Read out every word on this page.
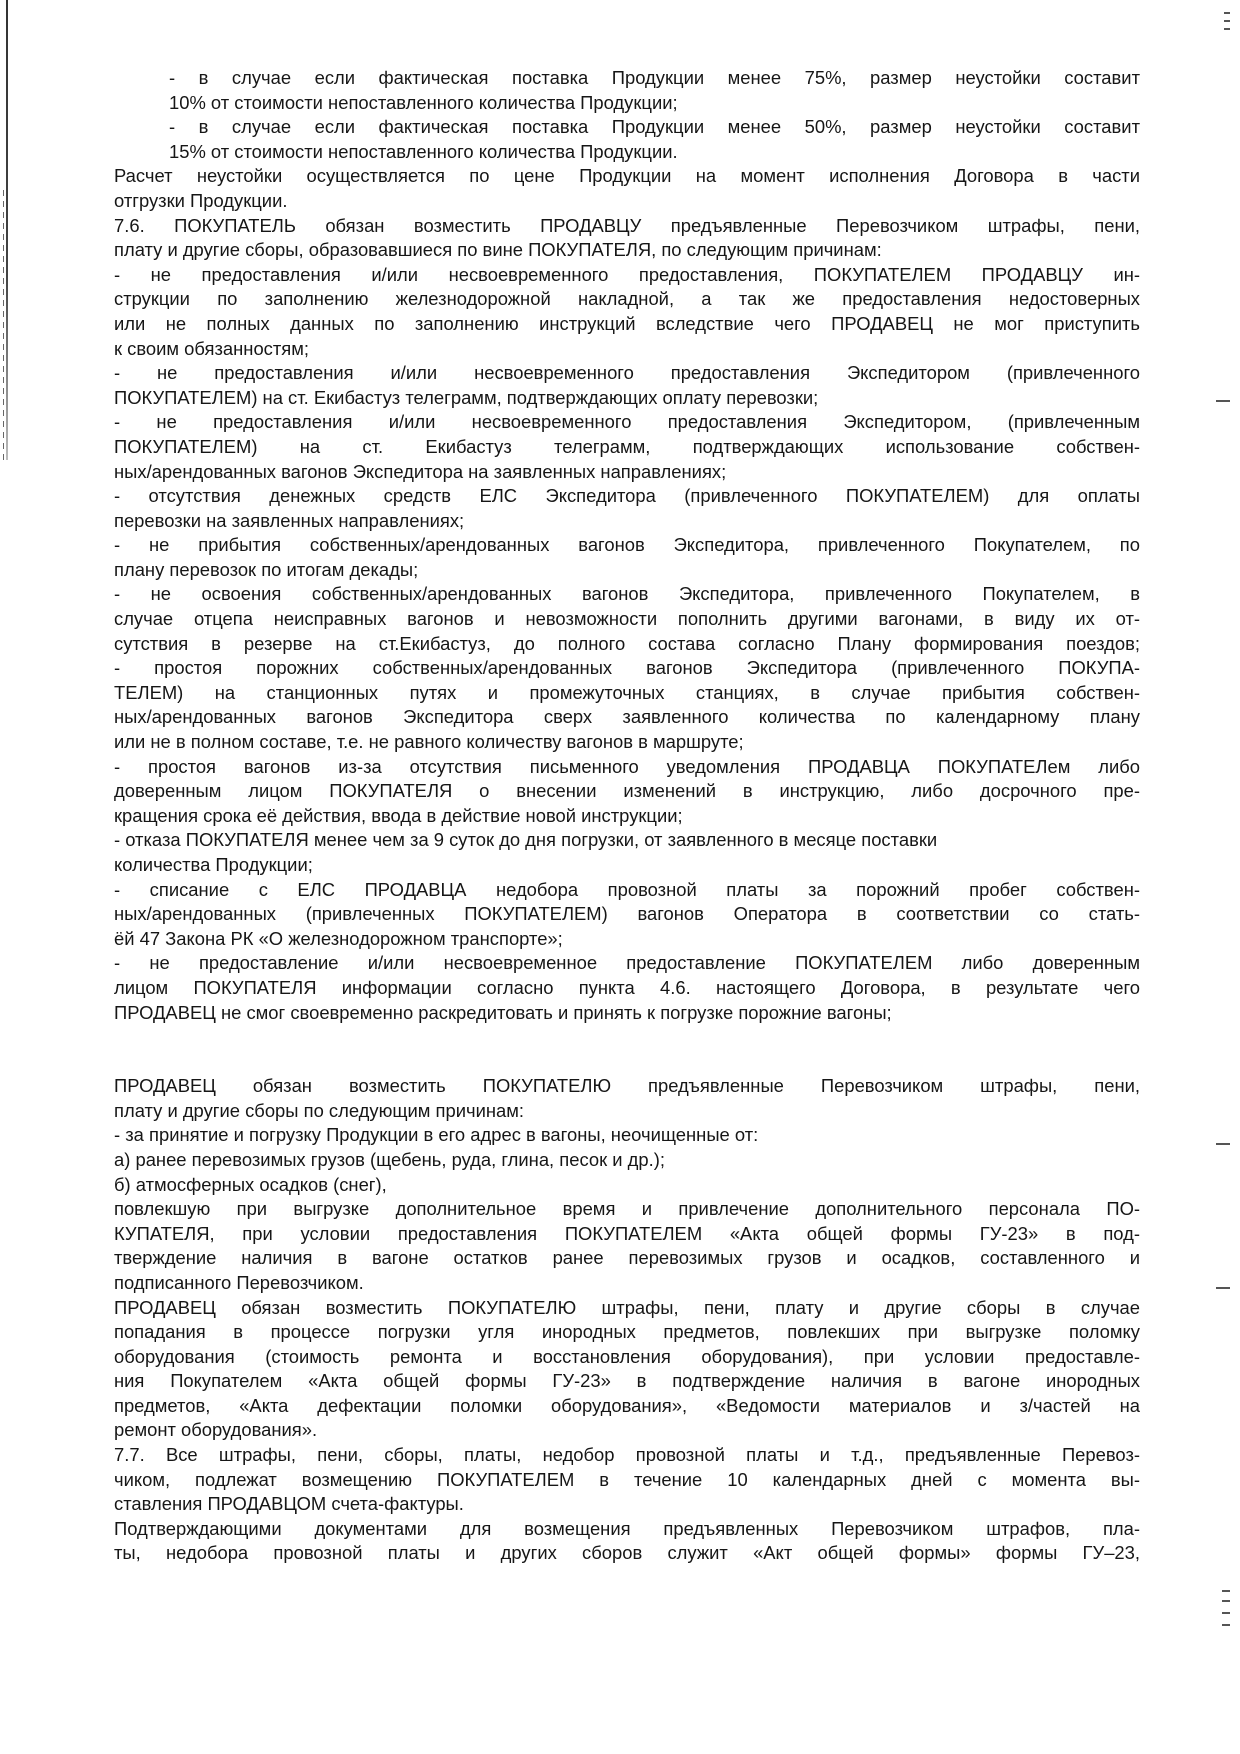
- в случае если фактическая поставка Продукции менее 75%, размер неустойки составит
10% от стоимости непоставленного количества Продукции;
- в случае если фактическая поставка Продукции менее 50%, размер неустойки составит
15% от стоимости непоставленного количества Продукции.
Расчет неустойки осуществляется по цене Продукции на момент исполнения Договора в части
отгрузки Продукции.
7.6. ПОКУПАТЕЛЬ обязан возместить ПРОДАВЦУ предъявленные Перевозчиком штрафы, пени,
плату и другие сборы, образовавшиеся по вине ПОКУПАТЕЛЯ, по следующим причинам:
- не предоставления и/или несвоевременного предоставления, ПОКУПАТЕЛЕМ ПРОДАВЦУ ин-
струкции по заполнению железнодорожной накладной, а так же предоставления недостоверных
или не полных данных по заполнению инструкций вследствие чего ПРОДАВЕЦ не мог приступить
к своим обязанностям;
- не предоставления и/или несвоевременного предоставления Экспедитором (привлеченного
ПОКУПАТЕЛЕМ) на ст. Екибастуз телеграмм, подтверждающих оплату перевозки;
- не предоставления и/или несвоевременного предоставления Экспедитором, (привлеченным
ПОКУПАТЕЛЕМ) на ст. Екибастуз телеграмм, подтверждающих использование собствен-
ных/арендованных вагонов Экспедитора на заявленных направлениях;
- отсутствия денежных средств ЕЛС Экспедитора (привлеченного ПОКУПАТЕЛЕМ) для оплаты
перевозки на заявленных направлениях;
- не прибытия собственных/арендованных вагонов Экспедитора, привлеченного Покупателем, по
плану перевозок по итогам декады;
- не освоения собственных/арендованных вагонов Экспедитора, привлеченного Покупателем, в
случае отцепа неисправных вагонов и невозможности пополнить другими вагонами, в виду их от-
сутствия в резерве на ст.Екибастуз, до полного состава согласно Плану формирования поездов;
- простоя порожних собственных/арендованных вагонов Экспедитора (привлеченного ПОКУПА-
ТЕЛЕМ) на станционных путях и промежуточных станциях, в случае прибытия собствен-
ных/арендованных вагонов Экспедитора сверх заявленного количества по календарному плану
или не в полном составе, т.е. не равного количеству вагонов в маршруте;
- простоя вагонов из-за отсутствия письменного уведомления ПРОДАВЦА ПОКУПАТЕЛем либо
доверенным лицом ПОКУПАТЕЛЯ о внесении изменений в инструкцию, либо досрочного пре-
кращения срока её действия, ввода в действие новой инструкции;
- отказа ПОКУПАТЕЛЯ менее чем за 9 суток до дня погрузки, от заявленного в месяце поставки
количества Продукции;
- списание с ЕЛС ПРОДАВЦА недобора провозной платы за порожний пробег собствен-
ных/арендованных (привлеченных ПОКУПАТЕЛЕМ) вагонов Оператора в соответствии со стать-
ёй 47 Закона РК «О железнодорожном транспорте»;
- не предоставление и/или несвоевременное предоставление ПОКУПАТЕЛЕМ либо доверенным
лицом ПОКУПАТЕЛЯ информации согласно пункта 4.6. настоящего Договора, в результате чего
ПРОДАВЕЦ не смог своевременно раскредитовать и принять к погрузке порожние вагоны;
ПРОДАВЕЦ обязан возместить ПОКУПАТЕЛЮ предъявленные Перевозчиком штрафы, пени,
плату и другие сборы по следующим причинам:
- за принятие и погрузку Продукции в его адрес в вагоны, неочищенные от:
а) ранее перевозимых грузов (щебень, руда, глина, песок и др.);
б) атмосферных осадков (снег),
повлекшую при выгрузке дополнительное время и привлечение дополнительного персонала ПО-
КУПАТЕЛЯ, при условии предоставления ПОКУПАТЕЛЕМ «Акта общей формы ГУ-23» в под-
тверждение наличия в вагоне остатков ранее перевозимых грузов и осадков, составленного и
подписанного Перевозчиком.
ПРОДАВЕЦ обязан возместить ПОКУПАТЕЛЮ штрафы, пени, плату и другие сборы в случае
попадания в процессе погрузки угля инородных предметов, повлекших при выгрузке поломку
оборудования (стоимость ремонта и восстановления оборудования), при условии предоставле-
ния Покупателем «Акта общей формы ГУ-23» в подтверждение наличия в вагоне инородных
предметов, «Акта дефектации поломки оборудования», «Ведомости материалов и з/частей на
ремонт оборудования».
7.7. Все штрафы, пени, сборы, платы, недобор провозной платы и т.д., предъявленные Перевоз-
чиком, подлежат возмещению ПОКУПАТЕЛЕМ в течение 10 календарных дней с момента вы-
ставления ПРОДАВЦОМ счета-фактуры.
Подтверждающими документами для возмещения предъявленных Перевозчиком штрафов, пла-
ты, недобора провозной платы и других сборов служит «Акт общей формы» формы ГУ–23,
